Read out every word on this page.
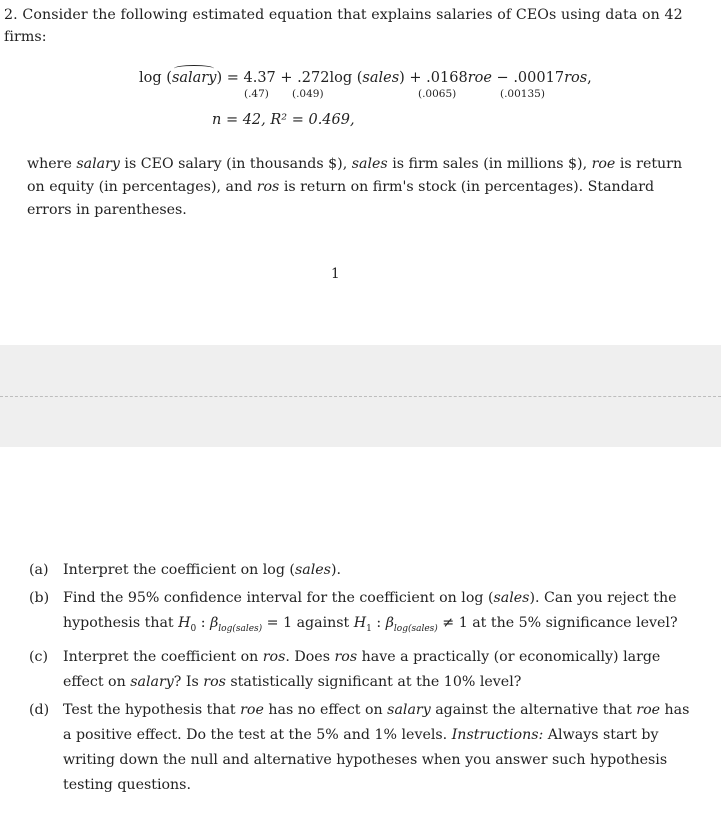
2. Consider the following estimated equation that explains salaries of CEOs using data on 42 firms:
log (salary) = 4.37 + .272log (sales) + .0168roe − .00017ros,
(.47) (.049)	(.0065)	(.00135)
n = 42, R² = 0.469,
where salary is CEO salary (in thousands $), sales is firm sales (in millions $), roe is return on equity (in percentages), and ros is return on firm's stock (in percentages). Standard errors in parentheses.
1
(a) Interpret the coefficient on log (sales).
(b) Find the 95% confidence interval for the coefficient on log (sales). Can you reject the hypothesis that $H_0$ : $\beta_{log(sales)} = 1$ against $H_1$ : $\beta_{log(sales)} \ne 1$ at the 5% significance level?
(c) Interpret the coefficient on ros. Does ros have a practically (or economically) large effect on salary? Is ros statistically significant at the 10% level?
(d) Test the hypothesis that roe has no effect on salary against the alternative that roe has a positive effect. Do the test at the 5% and 1% levels. Instructions: Always start by writing down the null and alternative hypotheses when you answer such hypothesis testing questions.
